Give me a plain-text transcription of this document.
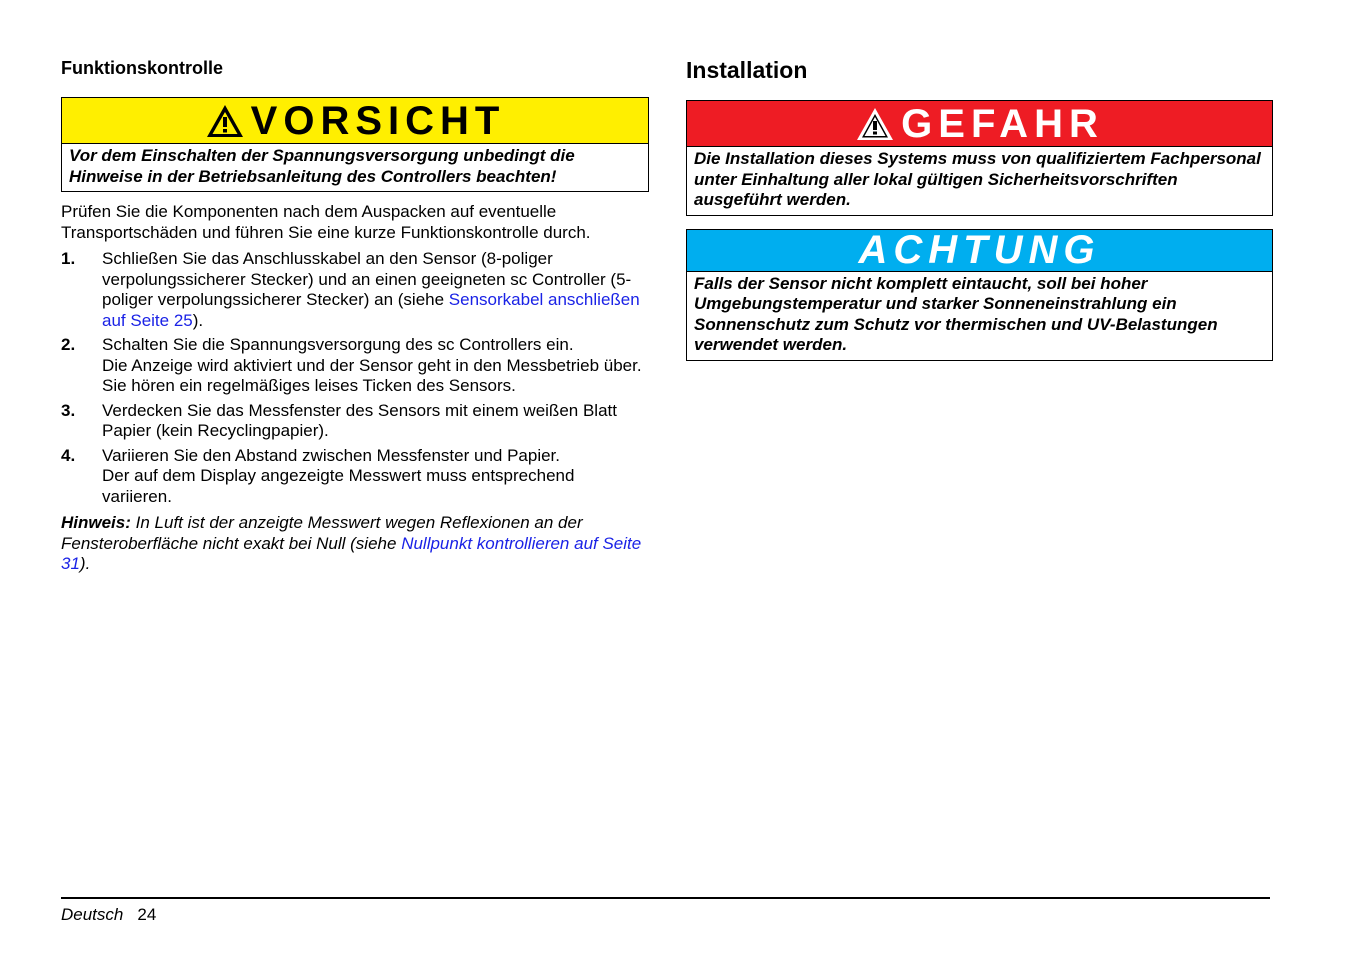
Funktionskontrolle
VORSICHT
Vor dem Einschalten der Spannungsversorgung unbedingt die Hinweise in der Betriebsanleitung des Controllers beachten!

Prüfen Sie die Komponenten nach dem Auspacken auf eventuelle Transportschäden und führen Sie eine kurze Funktionskontrolle durch.

1.	Schließen Sie das Anschlusskabel an den Sensor (8-poliger verpolungssicherer Stecker) und an einen geeigneten sc Controller (5-poliger verpolungssicherer Stecker) an (siehe Sensorkabel anschließen auf Seite 25).
2.	Schalten Sie die Spannungsversorgung des sc Controllers ein.
Die Anzeige wird aktiviert und der Sensor geht in den Messbetrieb über.
Sie hören ein regelmäßiges leises Ticken des Sensors.
3.	Verdecken Sie das Messfenster des Sensors mit einem weißen Blatt Papier (kein Recyclingpapier).
4.	Variieren Sie den Abstand zwischen Messfenster und Papier.
Der auf dem Display angezeigte Messwert muss entsprechend variieren.
Hinweis: In Luft ist der anzeigte Messwert wegen Reflexionen an der Fensteroberfläche nicht exakt bei Null (siehe Nullpunkt kontrollieren auf Seite 31).
Installation
GEFAHR
Die Installation dieses Systems muss von qualifiziertem Fachpersonal unter Einhaltung aller lokal gültigen Sicherheitsvorschriften ausgeführt werden.
ACHTUNG
Falls der Sensor nicht komplett eintaucht, soll bei hoher Umgebungstemperatur und starker Sonneneinstrahlung ein Sonnenschutz zum Schutz vor thermischen und UV-Belastungen verwendet werden.
Deutsch 24
